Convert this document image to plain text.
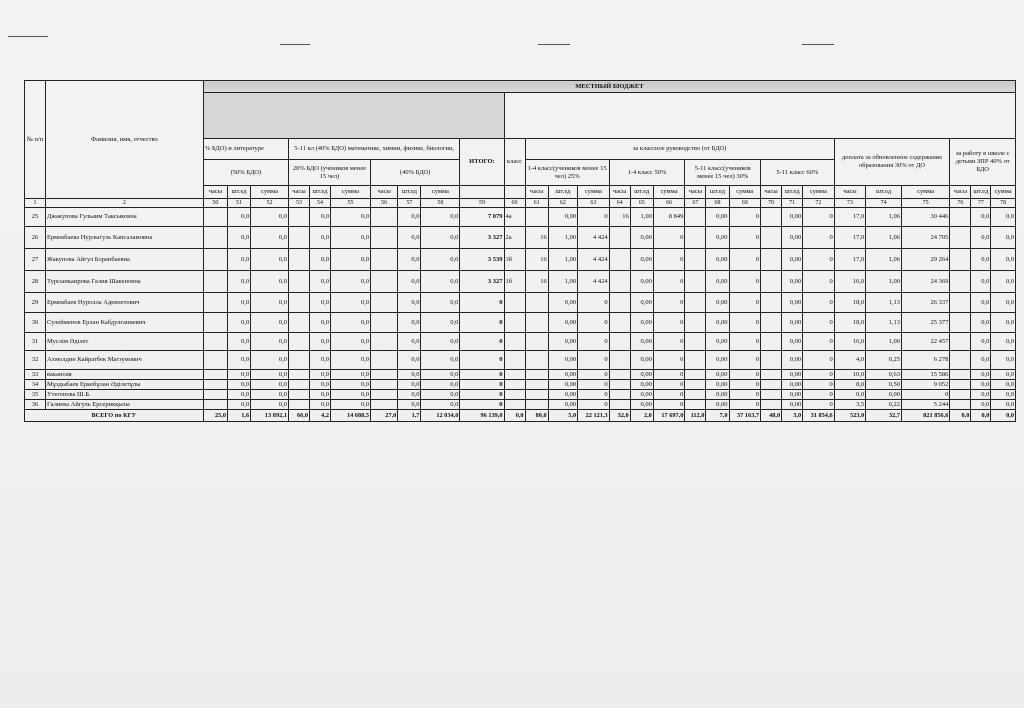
№ п/п	Фамилия, имя, отчество	МЕСТНЫЙ БЮДЖЕТ																												

		% БДО) и литературе			5-11 кл (40% БДО) математике, химии, физике, биологии,						ИТОГО:	класс	за классное руководство (от БДО)												доплата за обновленное содержание образования 30% от ДО			за работу в школе с детьми ЗПР 40% от БДО		
		(50% БДО)			20% БДО (учеников менее 15 чел)			(40% БДО)					1-4 класс(учеников менее 15 чел) 25%			1-4 класс 50%			5-11 класс(учеников менее 15 чел) 30%			5-11 класс 60%								
		часы	шт.ед	сумма	часы	шт.ед	сумма	часы	шт.ед	сумма			часы	шт.ед	сумма	часы	шт.ед	сумма	часы	шт.ед	сумма	часы	шт.ед	сумма	часы	шт.ед	сумма	часы	шт.ед	сумма
1	2	50	51	52	53	54	55	56	57	58	59	60	61	62	63	64	65	66	67	68	69	70	71	72	73	74	75	76	77	78
25	Джакупова Гульаим Таксыковна		0,0	0,0		0,0	0,0		0,0	0,0	7 079	4а		0,00	0	16	1,00	8 849		0,00	0		0,00	0	17,0	1,06	30 446		0,0	0,0
26	Ермекбаева Нурлыгуль Капсаламовна		0,0	0,0		0,0	0,0		0,0	0,0	3 327	2а	16	1,00	4 424		0,00	0		0,00	0		0,00	0	17,0	1,06	24 705		0,0	0,0
27	Жакупова Айгул Боранбаевна		0,0	0,0		0,0	0,0		0,0	0,0	3 539	3б	16	1,00	4 424		0,00	0		0,00	0		0,00	0	17,0	1,06	29 264		0,0	0,0
28	Турсынкаирова Галия Шакеновна		0,0	0,0		0,0	0,0		0,0	0,0	3 327	1б	16	1,00	4 424		0,00	0		0,00	0		0,00	0	16,0	1,00	24 369		0,0	0,0
29	Ермекбаев Нуролла Адевнетович		0,0	0,0		0,0	0,0		0,0	0,0	0			0,00	0		0,00	0		0,00	0		0,00	0	18,0	1,13	26 337		0,0	0,0
30	Сулейменов Ерлан Кабдулганиевич		0,0	0,0		0,0	0,0		0,0	0,0	0			0,00	0		0,00	0		0,00	0		0,00	0	18,0	1,13	25 377		0,0	0,0
31	Муслім Әділет		0,0	0,0		0,0	0,0		0,0	0,0	0			0,00	0		0,00	0		0,00	0		0,00	0	16,0	1,00	22 457		0,0	0,0
32	Ахмолдин Кайратбек Магзумович		0,0	0,0		0,0	0,0		0,0	0,0	0			0,00	0		0,00	0		0,00	0		0,00	0	4,0	0,25	6 278		0,0	0,0
33	вакансия		0,0	0,0		0,0	0,0		0,0	0,0	0			0,00	0		0,00	0		0,00	0		0,00	0	10,0	0,63	15 586		0,0	0,0
34	Мұздыбаев Еркебұлан Әділетұлы		0,0	0,0		0,0	0,0		0,0	0,0	0			0,00	0		0,00	0		0,00	0		0,00	0	8,0	0,50	9 052		0,0	0,0
35	Утегенова Ш.Б.		0,0	0,0		0,0	0,0		0,0	0,0	0			0,00	0		0,00	0		0,00	0		0,00	0	0,0	0,00	0		0,0	0,0
36	Галиева Айгуль Ерсерикқызы		0,0	0,0		0,0	0,0		0,0	0,0	0			0,00	0		0,00	0		0,00	0		0,00	0	3,5	0,22	5 244		0,0	0,0
ВСЕГО по КГУ		25,0	1,6	13 892,1	66,0	4,2	14 688,5	27,0	1,7	12 034,0	96 139,0	0,0	80,0	5,0	22 121,3	32,0	2,0	17 697,0	112,0	7,0	37 163,7	48,0	3,0	31 854,6	523,0	32,7	821 856,6	0,0	0,0	0,0
